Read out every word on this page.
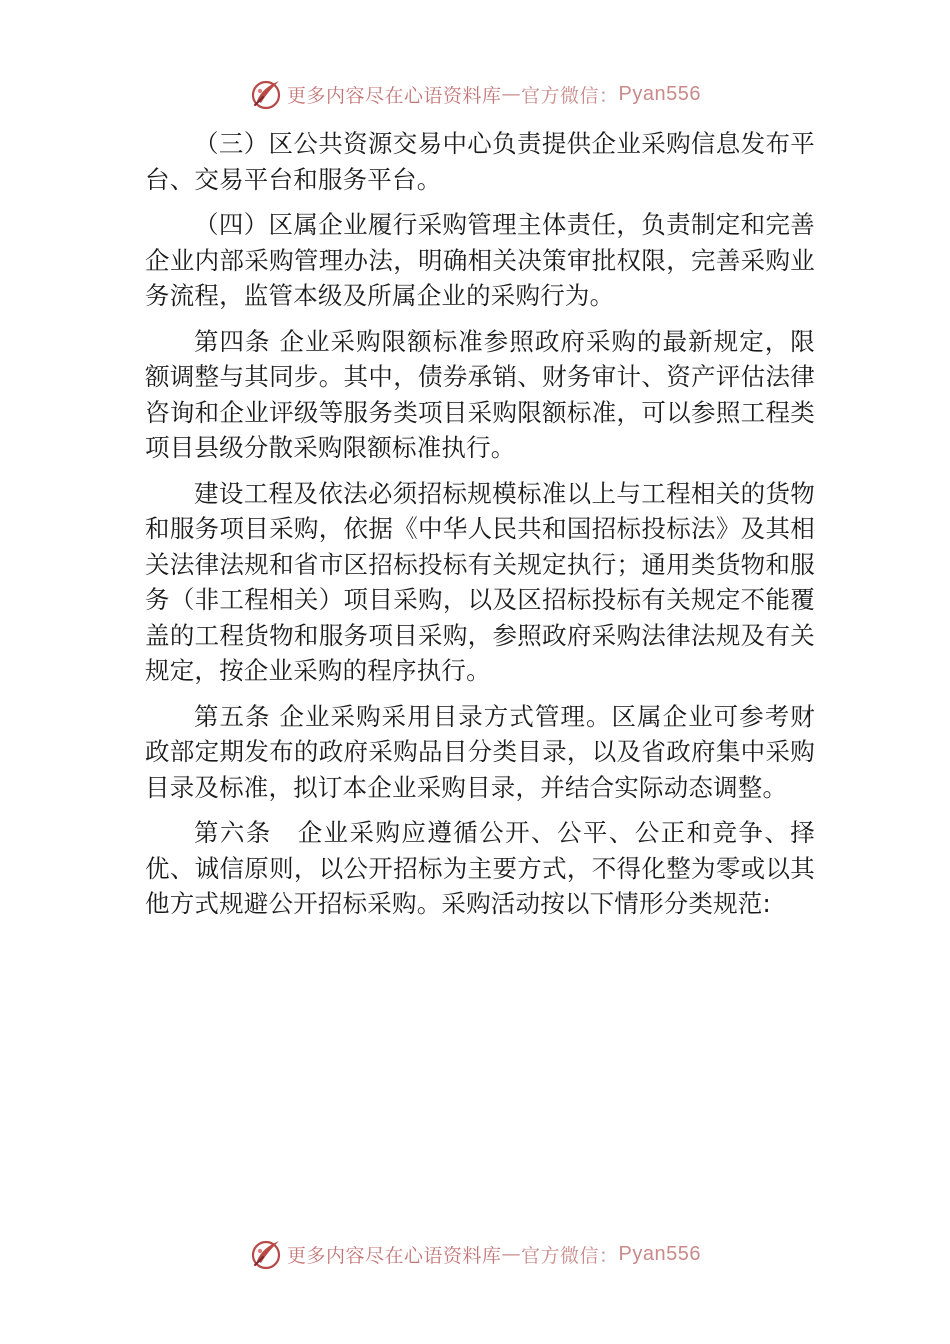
更多内容尽在心语资料库 — 官方微信： Pyan556

（三）区公共资源交易中心负责提供企业采购信息发布平台、交易平台和服务平台。

（四）区属企业履行采购管理主体责任，负责制定和完善企业内部采购管理办法，明确相关决策审批权限，完善采购业务流程，监管本级及所属企业的采购行为。

第四条 企业采购限额标准参照政府采购的最新规定，限额调整与其同步。其中，债券承销、财务审计、资产评估法律咨询和企业评级等服务类项目采购限额标准，可以参照工程类项目县级分散采购限额标准执行。

建设工程及依法必须招标规模标准以上与工程相关的货物和服务项目采购，依据《中华人民共和国招标投标法》及其相关法律法规和省市区招标投标有关规定执行；通用类货物和服务（非工程相关）项目采购，以及区招标投标有关规定不能覆盖的工程货物和服务项目采购，参照政府采购法律法规及有关规定，按企业采购的程序执行。

第五条 企业采购采用目录方式管理。区属企业可参考财政部定期发布的政府采购品目分类目录，以及省政府集中采购目录及标准，拟订本企业采购目录，并结合实际动态调整。

第六条　企业采购应遵循公开、公平、公正和竞争、择优、诚信原则，以公开招标为主要方式，不得化整为零或以其他方式规避公开招标采购。采购活动按以下情形分类规范:

更多内容尽在心语资料库 — 官方微信： Pyan556
